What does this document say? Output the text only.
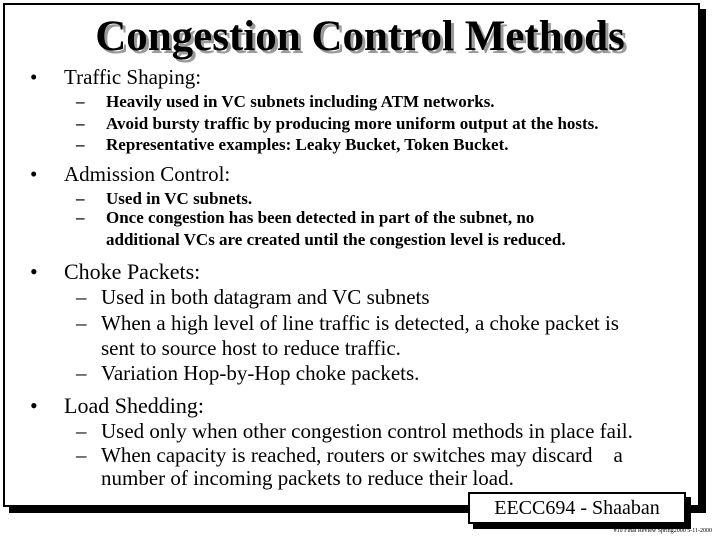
Congestion Control Methods
• Traffic Shaping:
– Heavily used in VC subnets including ATM networks.
– Avoid bursty traffic by producing more uniform output at the hosts.
– Representative examples: Leaky Bucket, Token Bucket.
• Admission Control:
– Used in VC subnets.
– Once congestion has been detected in part of the subnet, no
additional VCs are created until the congestion level is reduced.
• Choke Packets:
– Used in both datagram and VC subnets
– When a high level of line traffic is detected, a choke packet is
sent to source host to reduce traffic.
– Variation Hop-by-Hop choke packets.
• Load Shedding:
– Used only when other congestion control methods in place fail.
– When capacity is reached, routers or switches may discard    a
number of incoming packets to reduce their load.
EECC694 - Shaaban
#10 Final Review Spring2000 5-11-2000
